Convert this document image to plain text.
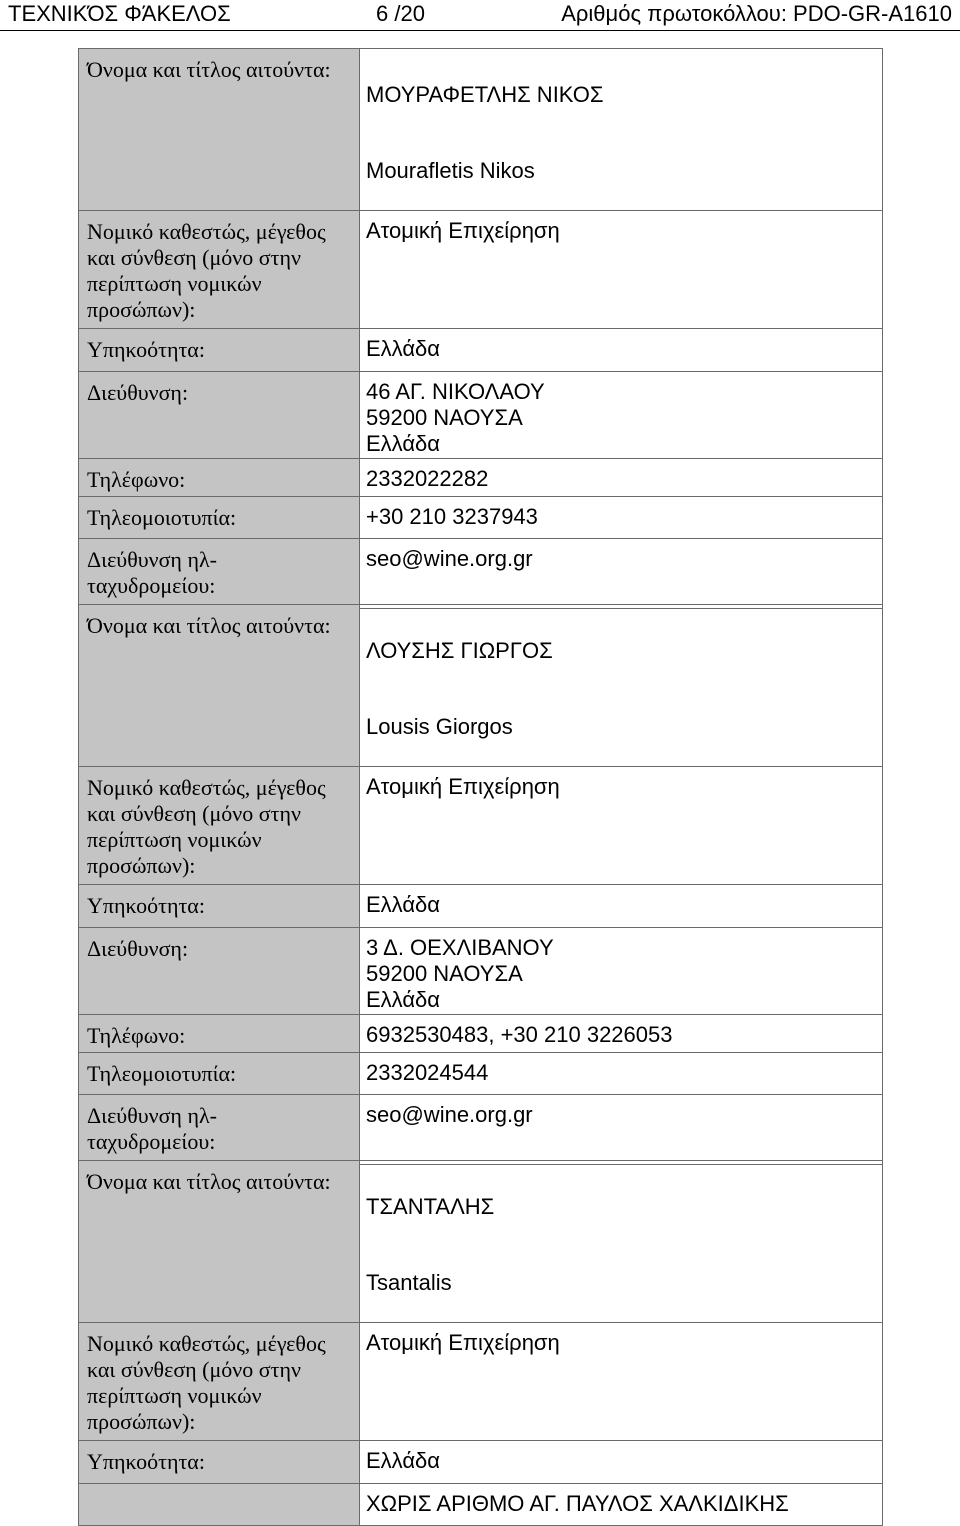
ΤΕΧΝΙΚΌΣ ΦΆΚΕΛΟΣ	6 /20	Αριθμός πρωτοκόλλου: PDO-GR-A1610
Όνομα και τίτλος αιτούντα:	ΜΟΥΡΑΦΕΤΛΗΣ ΝΙΚΟΣ

Mourafletis Nikos

Νομικό καθεστώς, μέγεθος και σύνθεση (μόνο στην περίπτωση νομικών προσώπων):	Ατομική Επιχείρηση
Υπηκοότητα:	Ελλάδα
Διεύθυνση:	46 ΑΓ. ΝΙΚΟΛΑΟΥ
59200 ΝΑΟΥΣΑ
Ελλάδα
Τηλέφωνο:	2332022282
Τηλεομοιοτυπία:	+30 210 3237943
Διεύθυνση ηλ-
ταχυδρομείου:	seo@wine.org.gr
Όνομα και τίτλος αιτούντα:	ΛΟΥΣΗΣ ΓΙΩΡΓΟΣ

Lousis Giorgos

Νομικό καθεστώς, μέγεθος και σύνθεση (μόνο στην περίπτωση νομικών προσώπων):	Ατομική Επιχείρηση
Υπηκοότητα:	Ελλάδα
Διεύθυνση:	3 Δ. ΟΕΧΛΙΒΑΝΟΥ
59200 ΝΑΟΥΣΑ
Ελλάδα
Τηλέφωνο:	6932530483, +30 210 3226053
Τηλεομοιοτυπία:	2332024544
Διεύθυνση ηλ-
ταχυδρομείου:	seo@wine.org.gr
Όνομα και τίτλος αιτούντα:	ΤΣΑΝΤΑΛΗΣ

Tsantalis

Νομικό καθεστώς, μέγεθος και σύνθεση (μόνο στην περίπτωση νομικών προσώπων):	Ατομική Επιχείρηση
Υπηκοότητα:	Ελλάδα
	ΧΩΡΙΣ ΑΡΙΘΜΟ ΑΓ. ΠΑΥΛΟΣ ΧΑΛΚΙΔΙΚΗΣ
